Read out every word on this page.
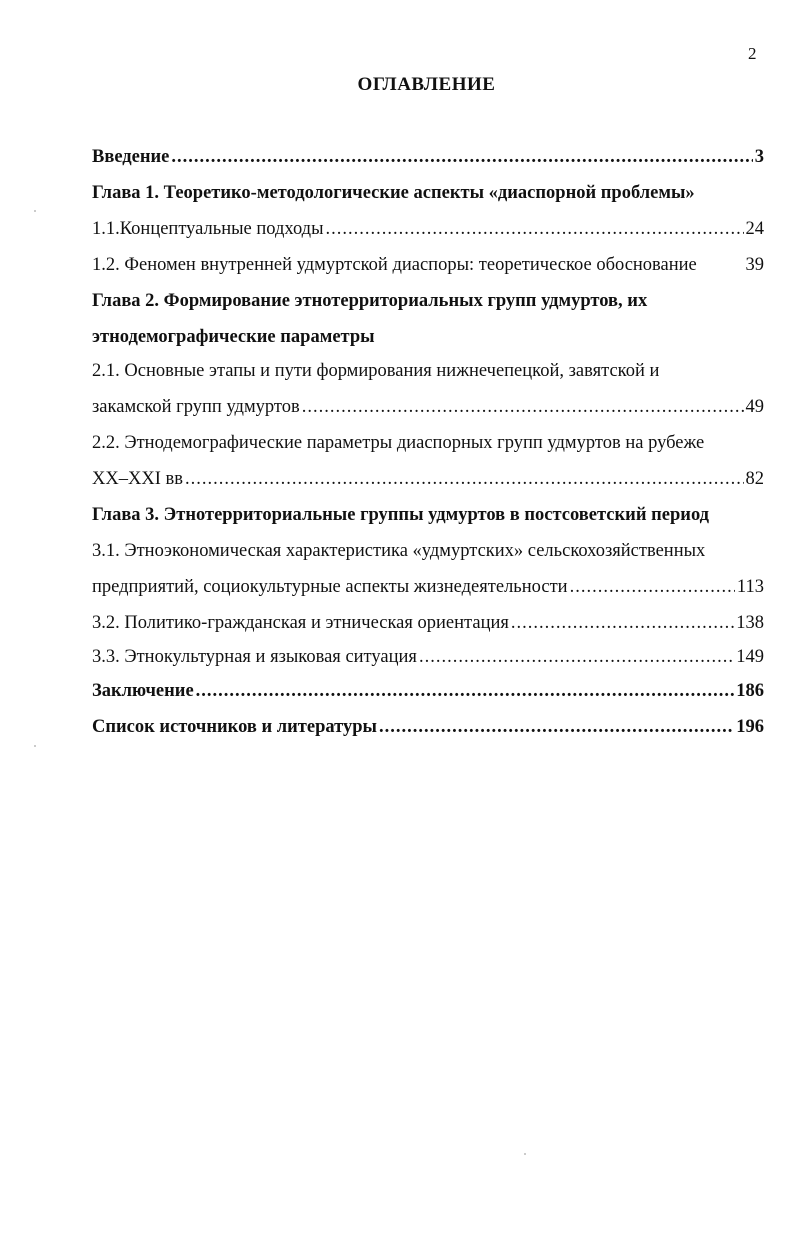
2
ОГЛАВЛЕНИЕ
Введение .....	3
Глава 1. Теоретико-методологические аспекты «диаспорной проблемы»
1.1. Концептуальные подходы .....	24
1.2. Феномен внутренней удмуртской диаспоры: теоретическое обоснование	39
Глава 2. Формирование этнотерриториальных групп удмуртов, их
этнодемографические параметры
2.1. Основные этапы и пути формирования нижнечепецкой, завятской и
закамской групп удмуртов .....	49
2.2. Этнодемографические параметры диаспорных групп удмуртов на рубеже
XX–XXI вв .....	82
Глава 3. Этнотерриториальные группы удмуртов в постсоветский период
3.1. Этноэкономическая характеристика «удмуртских» сельскохозяйственных
предприятий, социокультурные аспекты жизнедеятельности .....	113
3.2. Политико-гражданская и этническая ориентация .....	138
3.3. Этнокультурная и языковая ситуация .....	149
Заключение .....	186
Список источников и литературы .....	196
